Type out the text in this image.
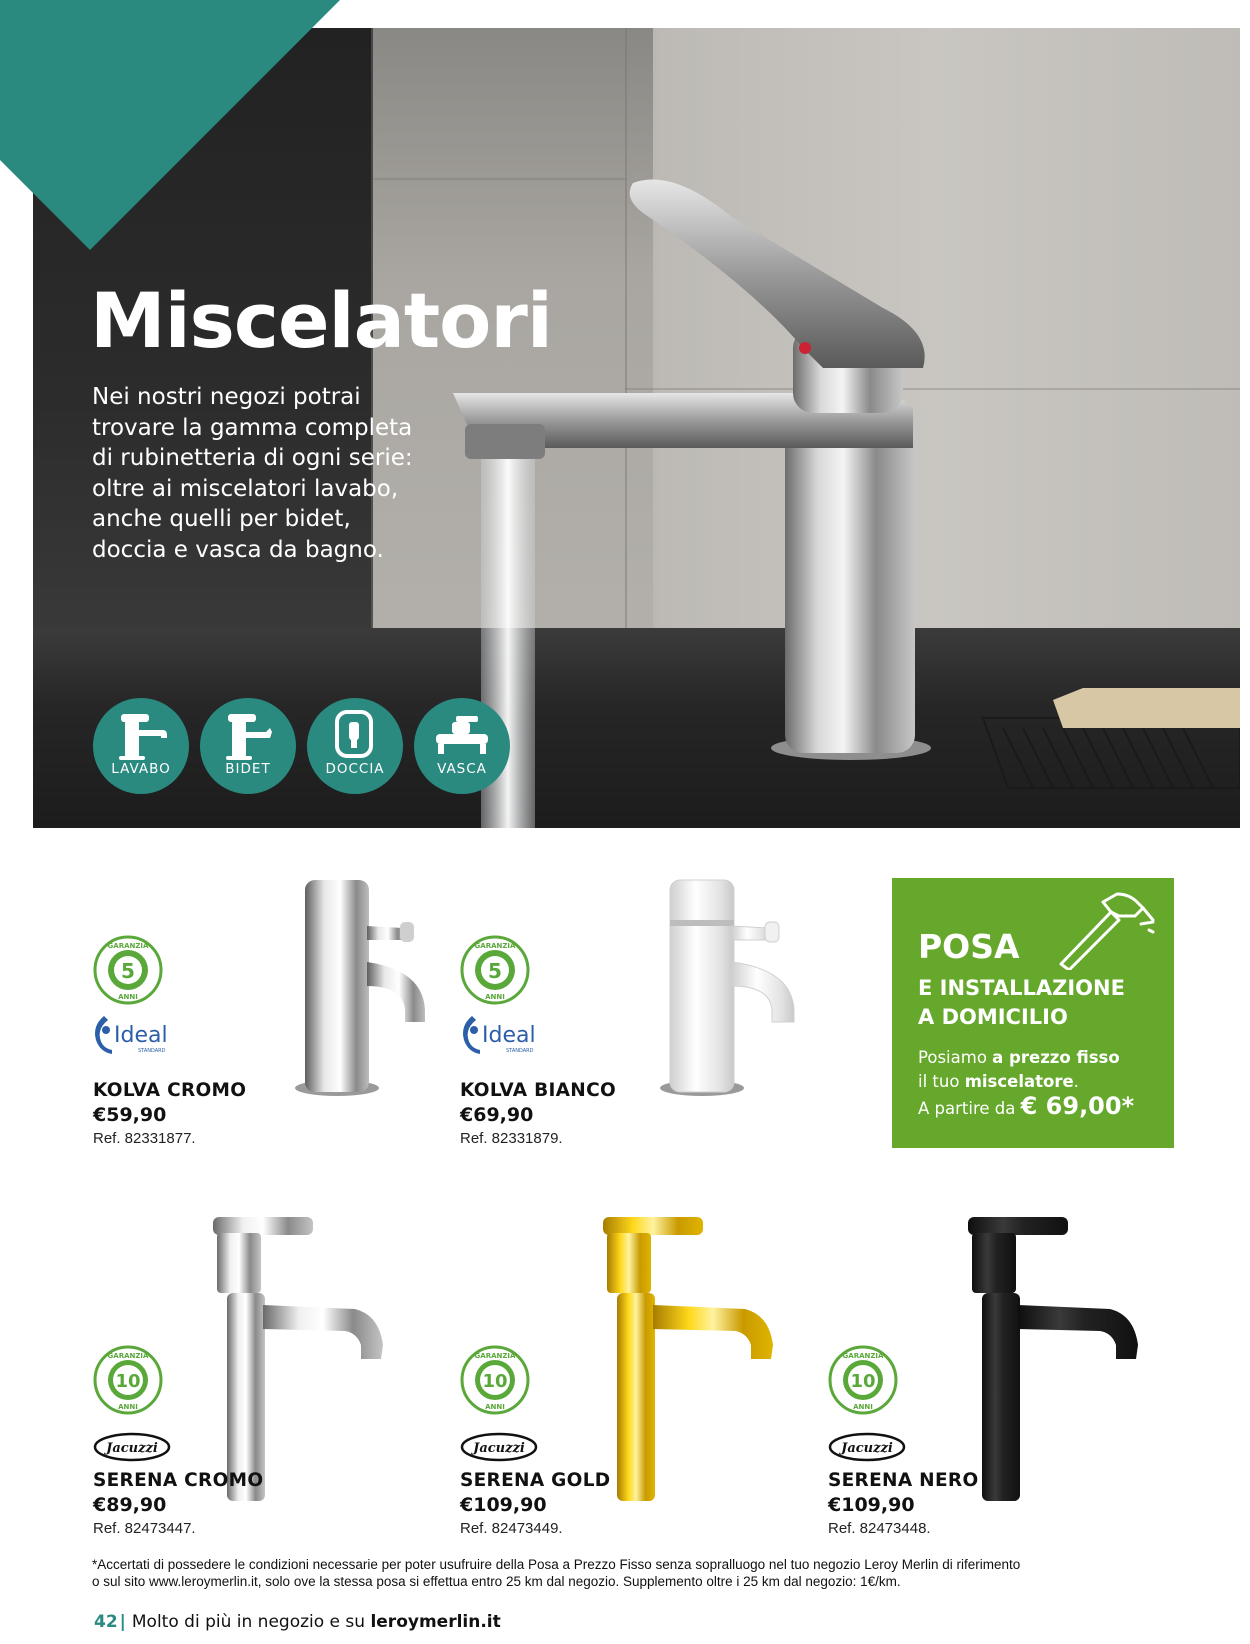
Miscelatori
Nei nostri negozi potrai
trovare la gamma completa
di rubinetteria di ogni serie:
oltre ai miscelatori lavabo,
anche quelli per bidet,
doccia e vasca da bagno.
LAVABO	BIDET	DOCCIA	VASCA
5
GARANZIA
ANNI
Ideal
STANDARD
KOLVA CROMO
€59,90
Ref. 82331877.
5
GARANZIA
ANNI
Ideal
STANDARD
KOLVA BIANCO
€69,90
Ref. 82331879.
POSA
E INSTALLAZIONE
A DOMICILIO
Posiamo a prezzo fisso
il tuo miscelatore.
A partire da € 69,00*
10
GARANZIA
ANNI
Jacuzzi
SERENA CROMO
€89,90
Ref. 82473447.
10
GARANZIA
ANNI
Jacuzzi
SERENA GOLD
€109,90
Ref. 82473449.
10
GARANZIA
ANNI
Jacuzzi
SERENA NERO
€109,90
Ref. 82473448.
*Accertati di possedere le condizioni necessarie per poter usufruire della Posa a Prezzo Fisso senza sopralluogo nel tuo negozio Leroy Merlin di riferimento
o sul sito www.leroymerlin.it, solo ove la stessa posa si effettua entro 25 km dal negozio. Supplemento oltre i 25 km dal negozio: 1€/km.
42 | Molto di più in negozio e su leroymerlin.it
